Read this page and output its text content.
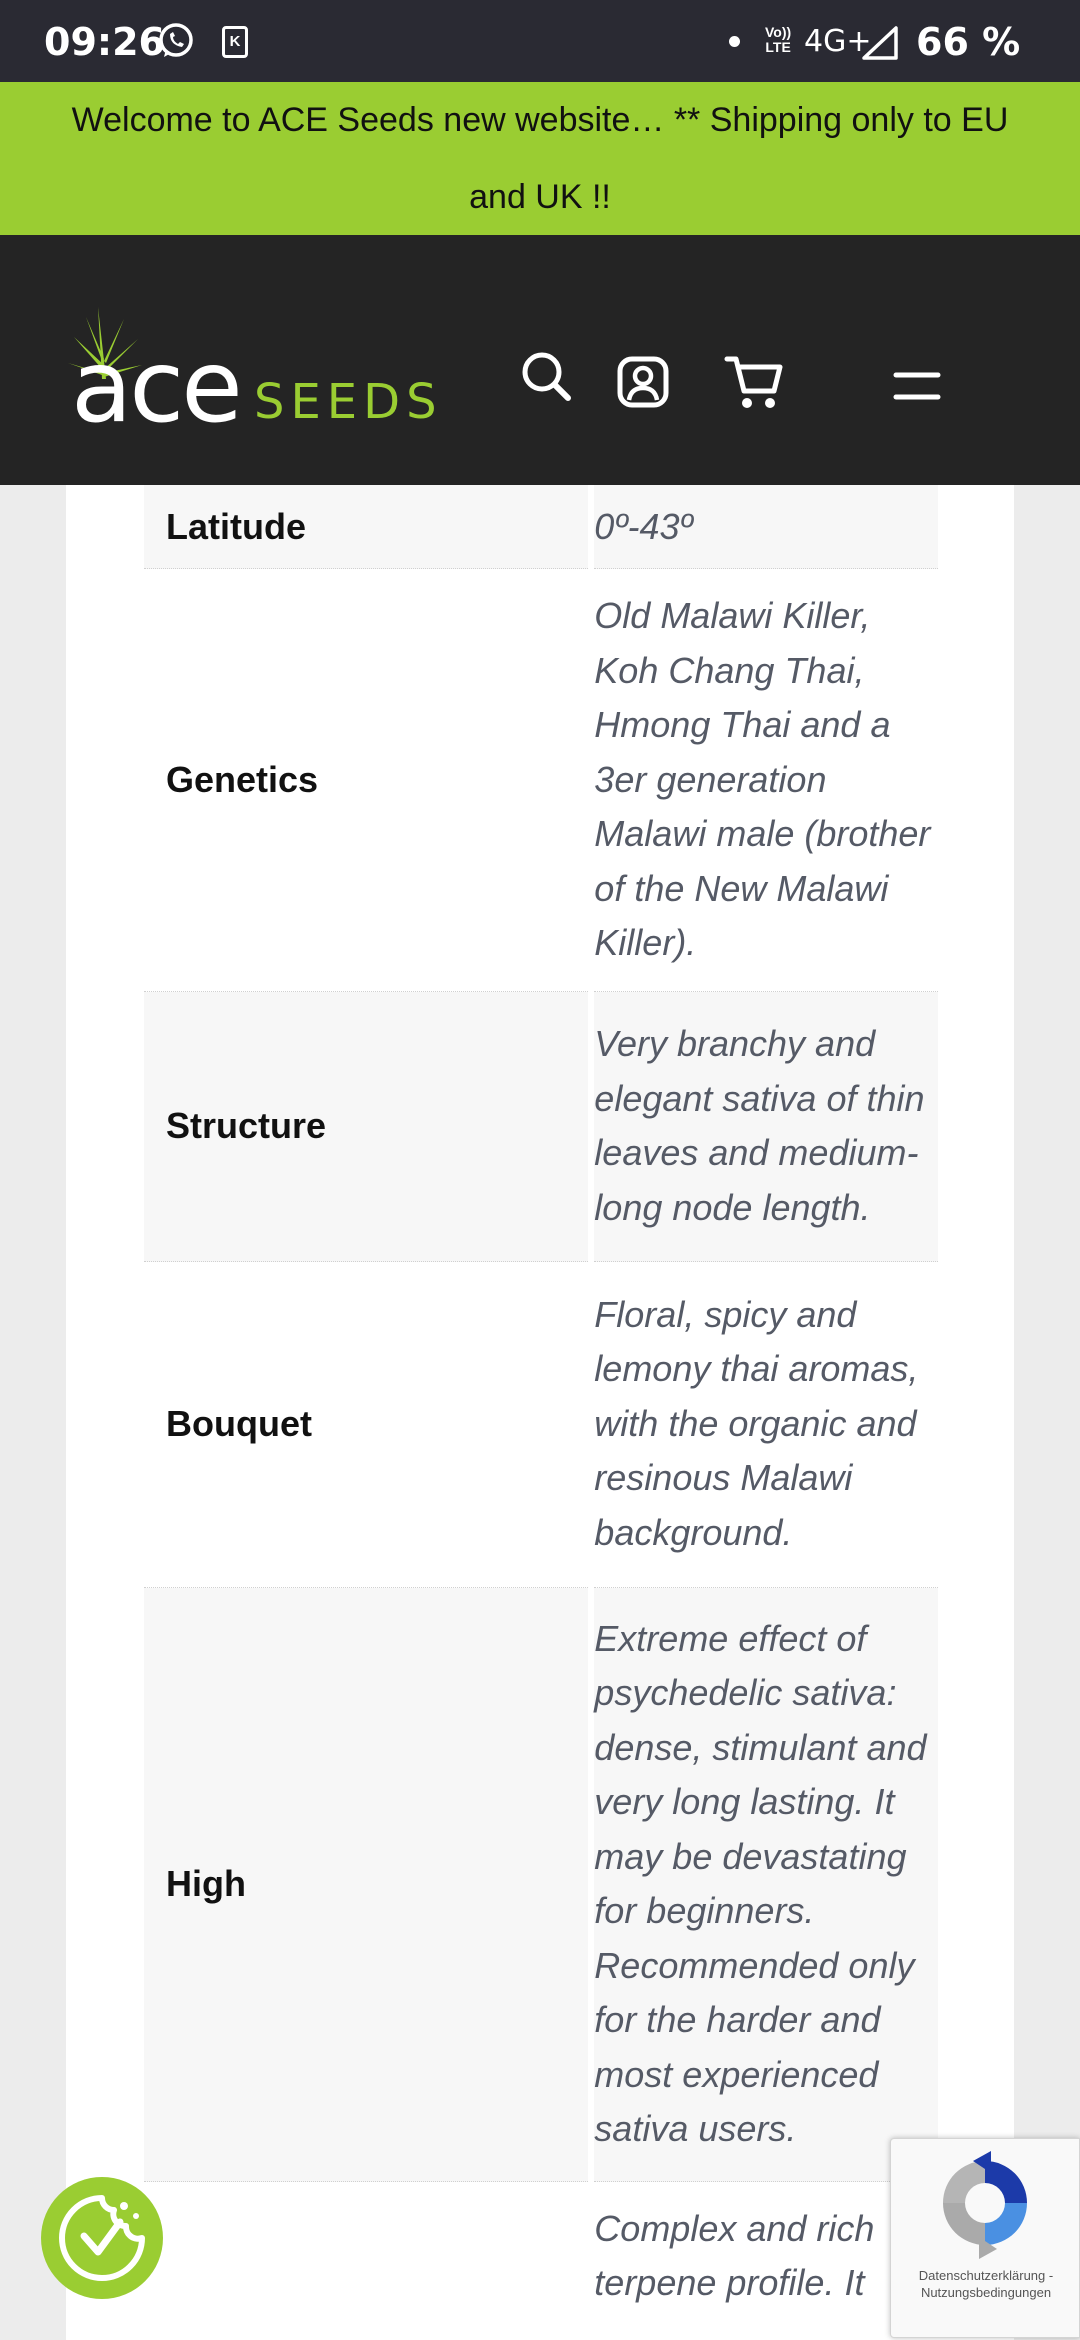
09:26	K
Vo))
LTE 4G+ 66 %
Welcome to ACE Seeds new website… ** Shipping only to EU and UK !!
ace SEEDS
Latitude	0º-43º
Genetics	Old Malawi Killer, Koh Chang Thai, Hmong Thai and a 3er generation Malawi male (brother of the New Malawi Killer).
Structure	Very branchy and elegant sativa of thin leaves and medium-long node length.
Bouquet	Floral, spicy and lemony thai aromas, with the organic and resinous Malawi background.
High	Extreme effect of psychedelic sativa: dense, stimulant and very long lasting. It may be devastating for beginners. Recommended only for the harder and most experienced sativa users.
	Complex and rich terpene profile. It	Datenschutzerklärung - Nutzungsbedingungen
